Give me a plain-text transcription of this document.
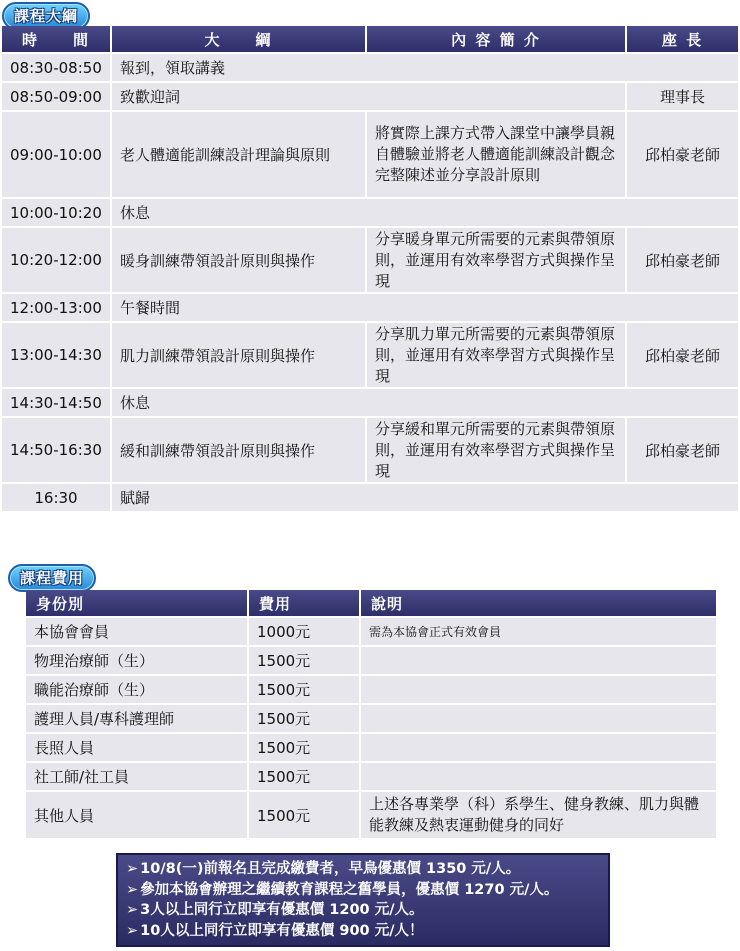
課程大綱
時　　間	大　　綱	內 容 簡 介	座 長
08:30-08:50	報到，領取講義		
08:50-09:00	致歡迎詞		理事長
09:00-10:00	老人體適能訓練設計理論與原則	將實際上課方式帶入課堂中讓學員親自體驗並將老人體適能訓練設計觀念完整陳述並分享設計原則	邱柏豪老師
10:00-10:20	休息		
10:20-12:00	暖身訓練帶領設計原則與操作	分享暖身單元所需要的元素與帶領原則，並運用有效率學習方式與操作呈現	邱柏豪老師
12:00-13:00	午餐時間		
13:00-14:30	肌力訓練帶領設計原則與操作	分享肌力單元所需要的元素與帶領原則，並運用有效率學習方式與操作呈現	邱柏豪老師
14:30-14:50	休息		
14:50-16:30	緩和訓練帶領設計原則與操作	分享緩和單元所需要的元素與帶領原則，並運用有效率學習方式與操作呈現	邱柏豪老師
16:30	賦歸		
課程費用
身份別	費用	說明
本協會會員	1000元	需為本協會正式有效會員
物理治療師（生）	1500元	
職能治療師（生）	1500元	
護理人員/專科護理師	1500元	
長照人員	1500元	
社工師/社工員	1500元	
其他人員	1500元	上述各專業學（科）系學生、健身教練、肌力與體能教練及熱衷運動健身的同好
➢ 10/8(一)前報名且完成繳費者，早鳥優惠價 1350 元/人。
➢ 參加本協會辦理之繼續教育課程之舊學員，優惠價 1270 元/人。
➢ 3人以上同行立即享有優惠價 1200 元/人。
➢ 10人以上同行立即享有優惠價 900 元/人！
